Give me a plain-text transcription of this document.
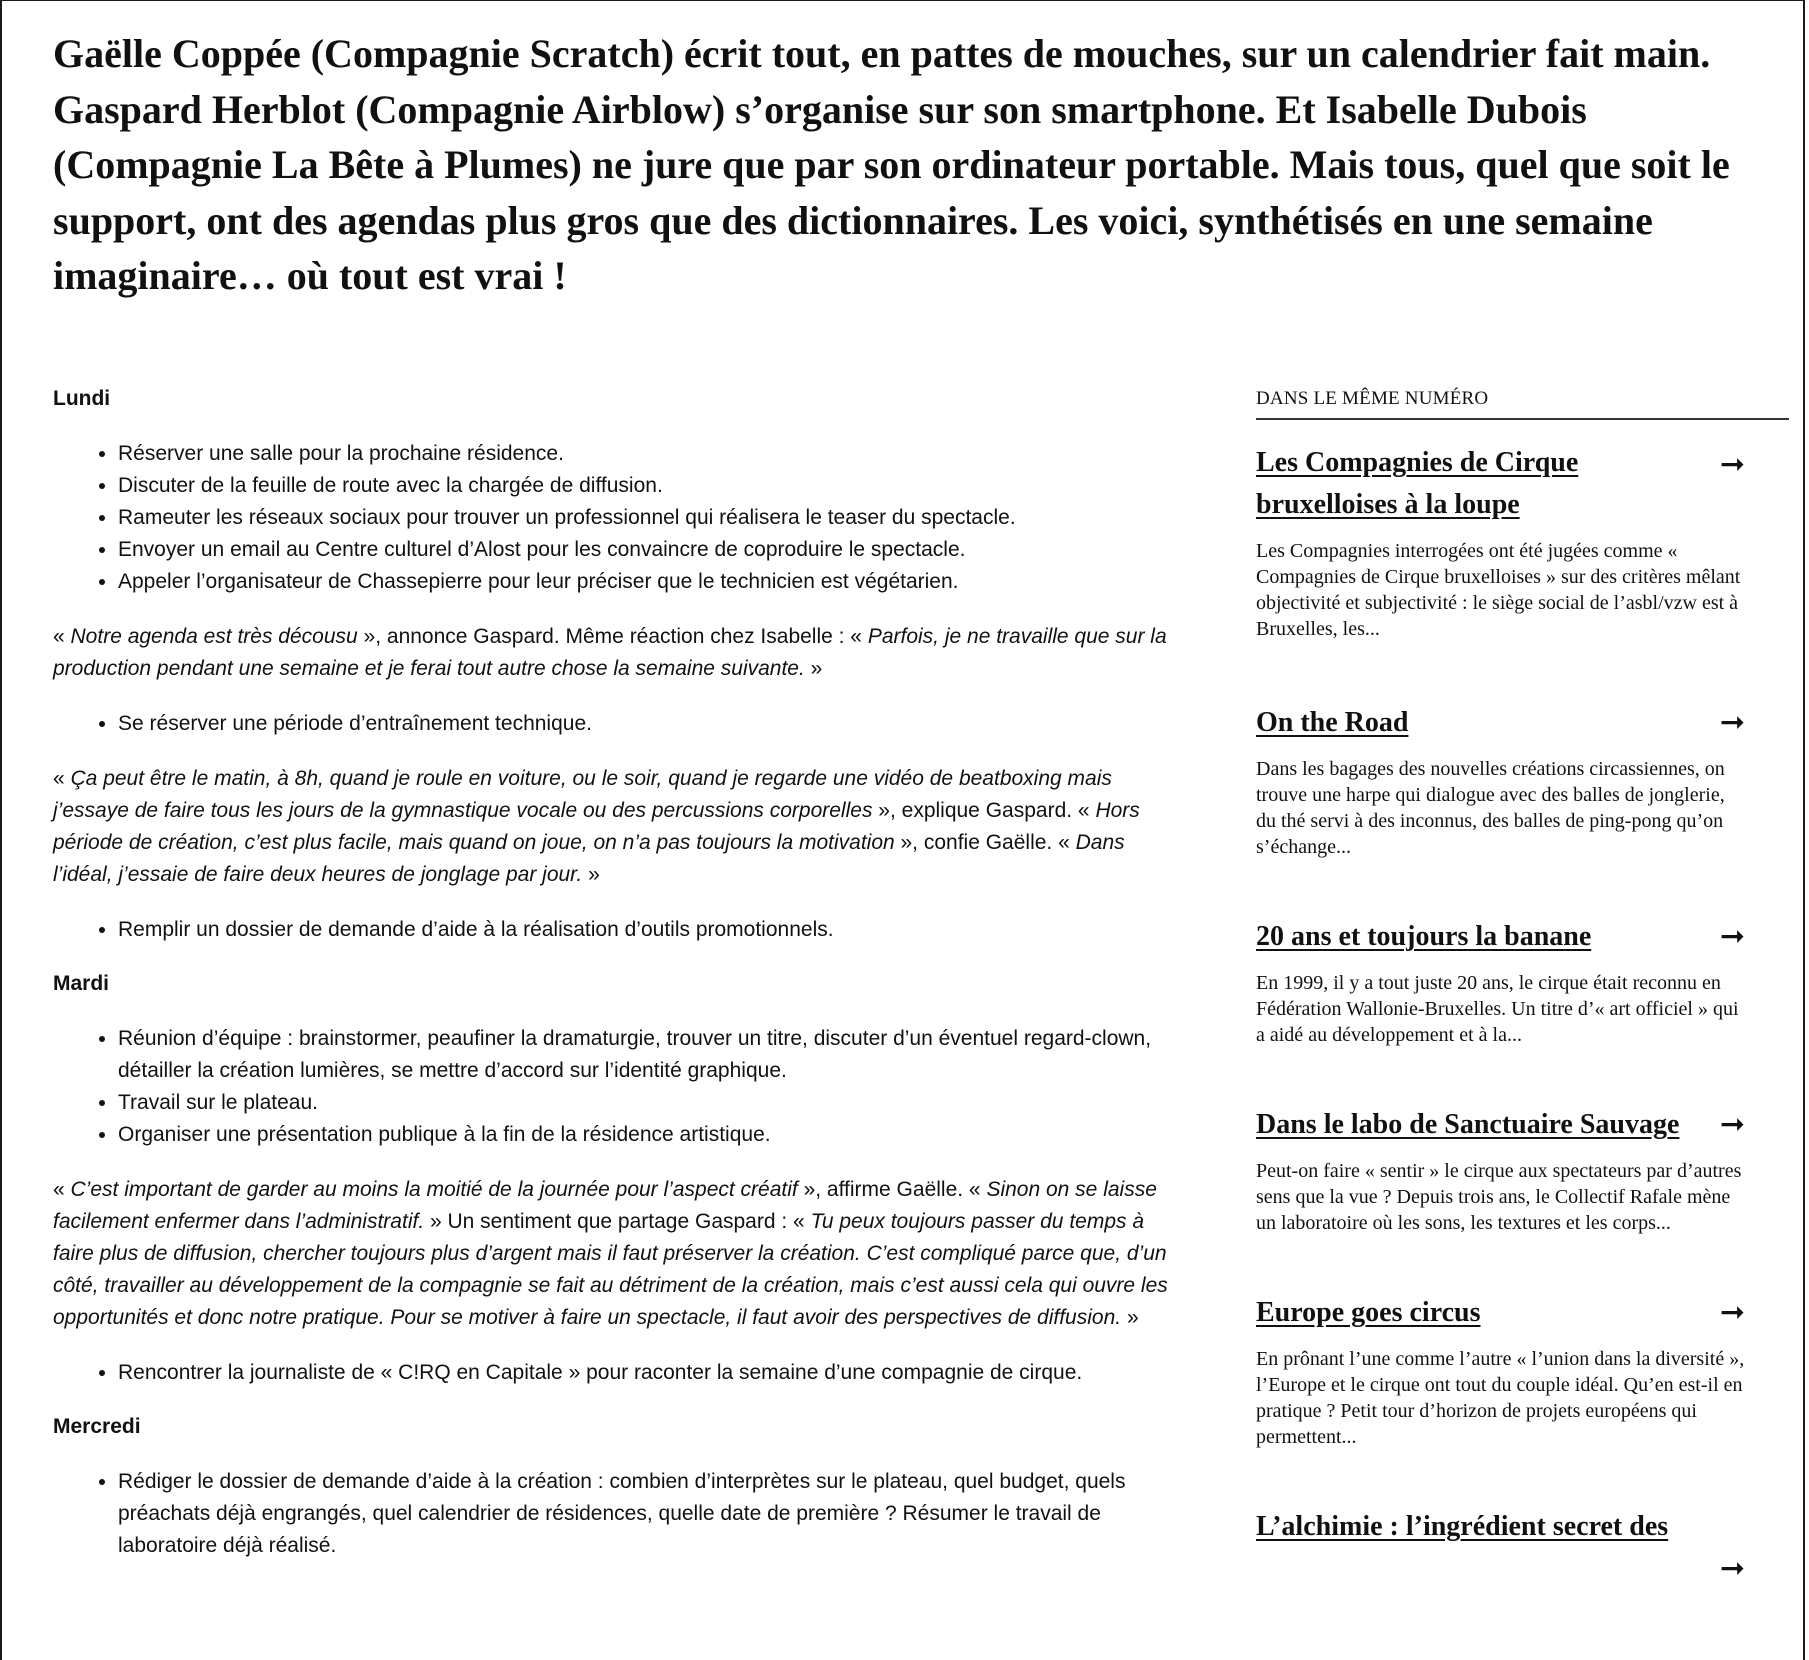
Gaëlle Coppée (Compagnie Scratch) écrit tout, en pattes de mouches, sur un calendrier fait main. Gaspard Herblot (Compagnie Airblow) s’organise sur son smartphone. Et Isabelle Dubois (Compagnie La Bête à Plumes) ne jure que par son ordinateur portable. Mais tous, quel que soit le support, ont des agendas plus gros que des dictionnaires. Les voici, synthétisés en une semaine imaginaire… où tout est vrai !
Lundi
• Réserver une salle pour la prochaine résidence.
• Discuter de la feuille de route avec la chargée de diffusion.
• Rameuter les réseaux sociaux pour trouver un professionnel qui réalisera le teaser du spectacle.
• Envoyer un email au Centre culturel d’Alost pour les convaincre de coproduire le spectacle.
• Appeler l’organisateur de Chassepierre pour leur préciser que le technicien est végétarien.

« Notre agenda est très décousu », annonce Gaspard. Même réaction chez Isabelle : « Parfois, je ne travaille que sur la production pendant une semaine et je ferai tout autre chose la semaine suivante. »

• Se réserver une période d’entraînement technique.

« Ça peut être le matin, à 8h, quand je roule en voiture, ou le soir, quand je regarde une vidéo de beatboxing mais j’essaye de faire tous les jours de la gymnastique vocale ou des percussions corporelles », explique Gaspard. « Hors période de création, c’est plus facile, mais quand on joue, on n’a pas toujours la motivation », confie Gaëlle. « Dans l’idéal, j’essaie de faire deux heures de jonglage par jour. »

• Remplir un dossier de demande d’aide à la réalisation d’outils promotionnels.
Mardi
• Réunion d’équipe : brainstormer, peaufiner la dramaturgie, trouver un titre, discuter d’un éventuel regard-clown, détailler la création lumières, se mettre d’accord sur l’identité graphique.
• Travail sur le plateau.
• Organiser une présentation publique à la fin de la résidence artistique.

« C’est important de garder au moins la moitié de la journée pour l’aspect créatif », affirme Gaëlle. « Sinon on se laisse facilement enfermer dans l’administratif. » Un sentiment que partage Gaspard : « Tu peux toujours passer du temps à faire plus de diffusion, chercher toujours plus d’argent mais il faut préserver la création. C’est compliqué parce que, d’un côté, travailler au développement de la compagnie se fait au détriment de la création, mais c’est aussi cela qui ouvre les opportunités et donc notre pratique. Pour se motiver à faire un spectacle, il faut avoir des perspectives de diffusion. »

• Rencontrer la journaliste de « C!RQ en Capitale » pour raconter la semaine d’une compagnie de cirque.
Mercredi
• Rédiger le dossier de demande d’aide à la création : combien d’interprètes sur le plateau, quel budget, quels préachats déjà engrangés, quel calendrier de résidences, quelle date de première ? Résumer le travail de laboratoire déjà réalisé.
DANS LE MÊME NUMÉRO
Les Compagnies de Cirque bruxelloises à la loupe
➞

Les Compagnies interrogées ont été jugées comme « Compagnies de Cirque bruxelloises » sur des critères mêlant objectivité et subjectivité : le siège social de l’asbl/vzw est à Bruxelles, les...

On the Road	➞

Dans les bagages des nouvelles créations circassiennes, on trouve une harpe qui dialogue avec des balles de jonglerie, du thé servi à des inconnus, des balles de ping-pong qu’on s’échange...

20 ans et toujours la banane	➞

En 1999, il y a tout juste 20 ans, le cirque était reconnu en Fédération Wallonie-Bruxelles. Un titre d’« art officiel » qui a aidé au développement et à la...

Dans le labo de Sanctuaire Sauvage	➞

Peut-on faire « sentir » le cirque aux spectateurs par d’autres sens que la vue ? Depuis trois ans, le Collectif Rafale mène un laboratoire où les sons, les textures et les corps...

Europe goes circus	➞

En prônant l’une comme l’autre « l’union dans la diversité », l’Europe et le cirque ont tout du couple idéal. Qu’en est-il en pratique ? Petit tour d’horizon de projets européens qui permettent...

L’alchimie : l’ingrédient secret des
➞
